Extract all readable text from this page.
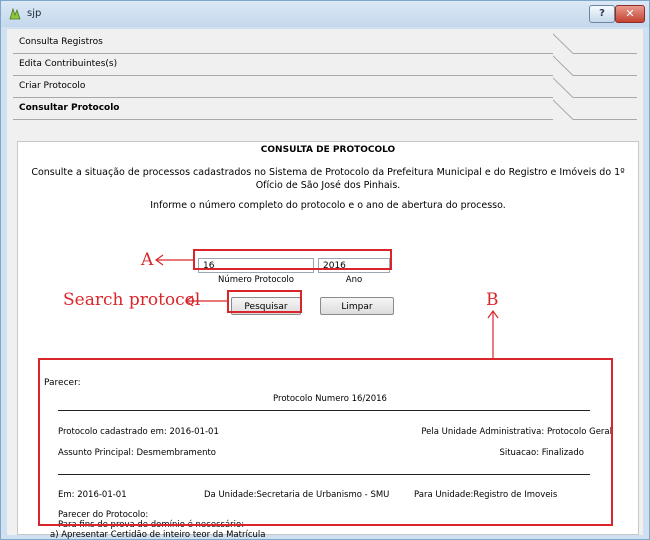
sjp	?	✕
Consulta Registros
Edita Contribuintes(s)
Criar Protocolo
Consultar Protocolo
CONSULTA DE PROTOCOLO
Consulte a situação de processos cadastrados no Sistema de Protocolo da Prefeitura Municipal e do Registro e Imóveis do 1º Ofício de São José dos Pinhais.
Informe o número completo do protocolo e o ano de abertura do processo.
16
Número Protocolo
2016
Ano
Pesquisar	Limpar
Parecer:
Protocolo Numero 16/2016
Protocolo cadastrado em: 2016-01-01	Pela Unidade Administrativa: Protocolo Geral
Assunto Principal: Desmembramento	Situacao: Finalizado
Em: 2016-01-01	Da Unidade:Secretaria de Urbanismo - SMU	Para Unidade:Registro de Imoveis
Parecer do Protocolo:
Para fins de prova de domínio é necessário:
a) Apresentar Certidão de inteiro teor da Matrícula
A
B
Search protocol
